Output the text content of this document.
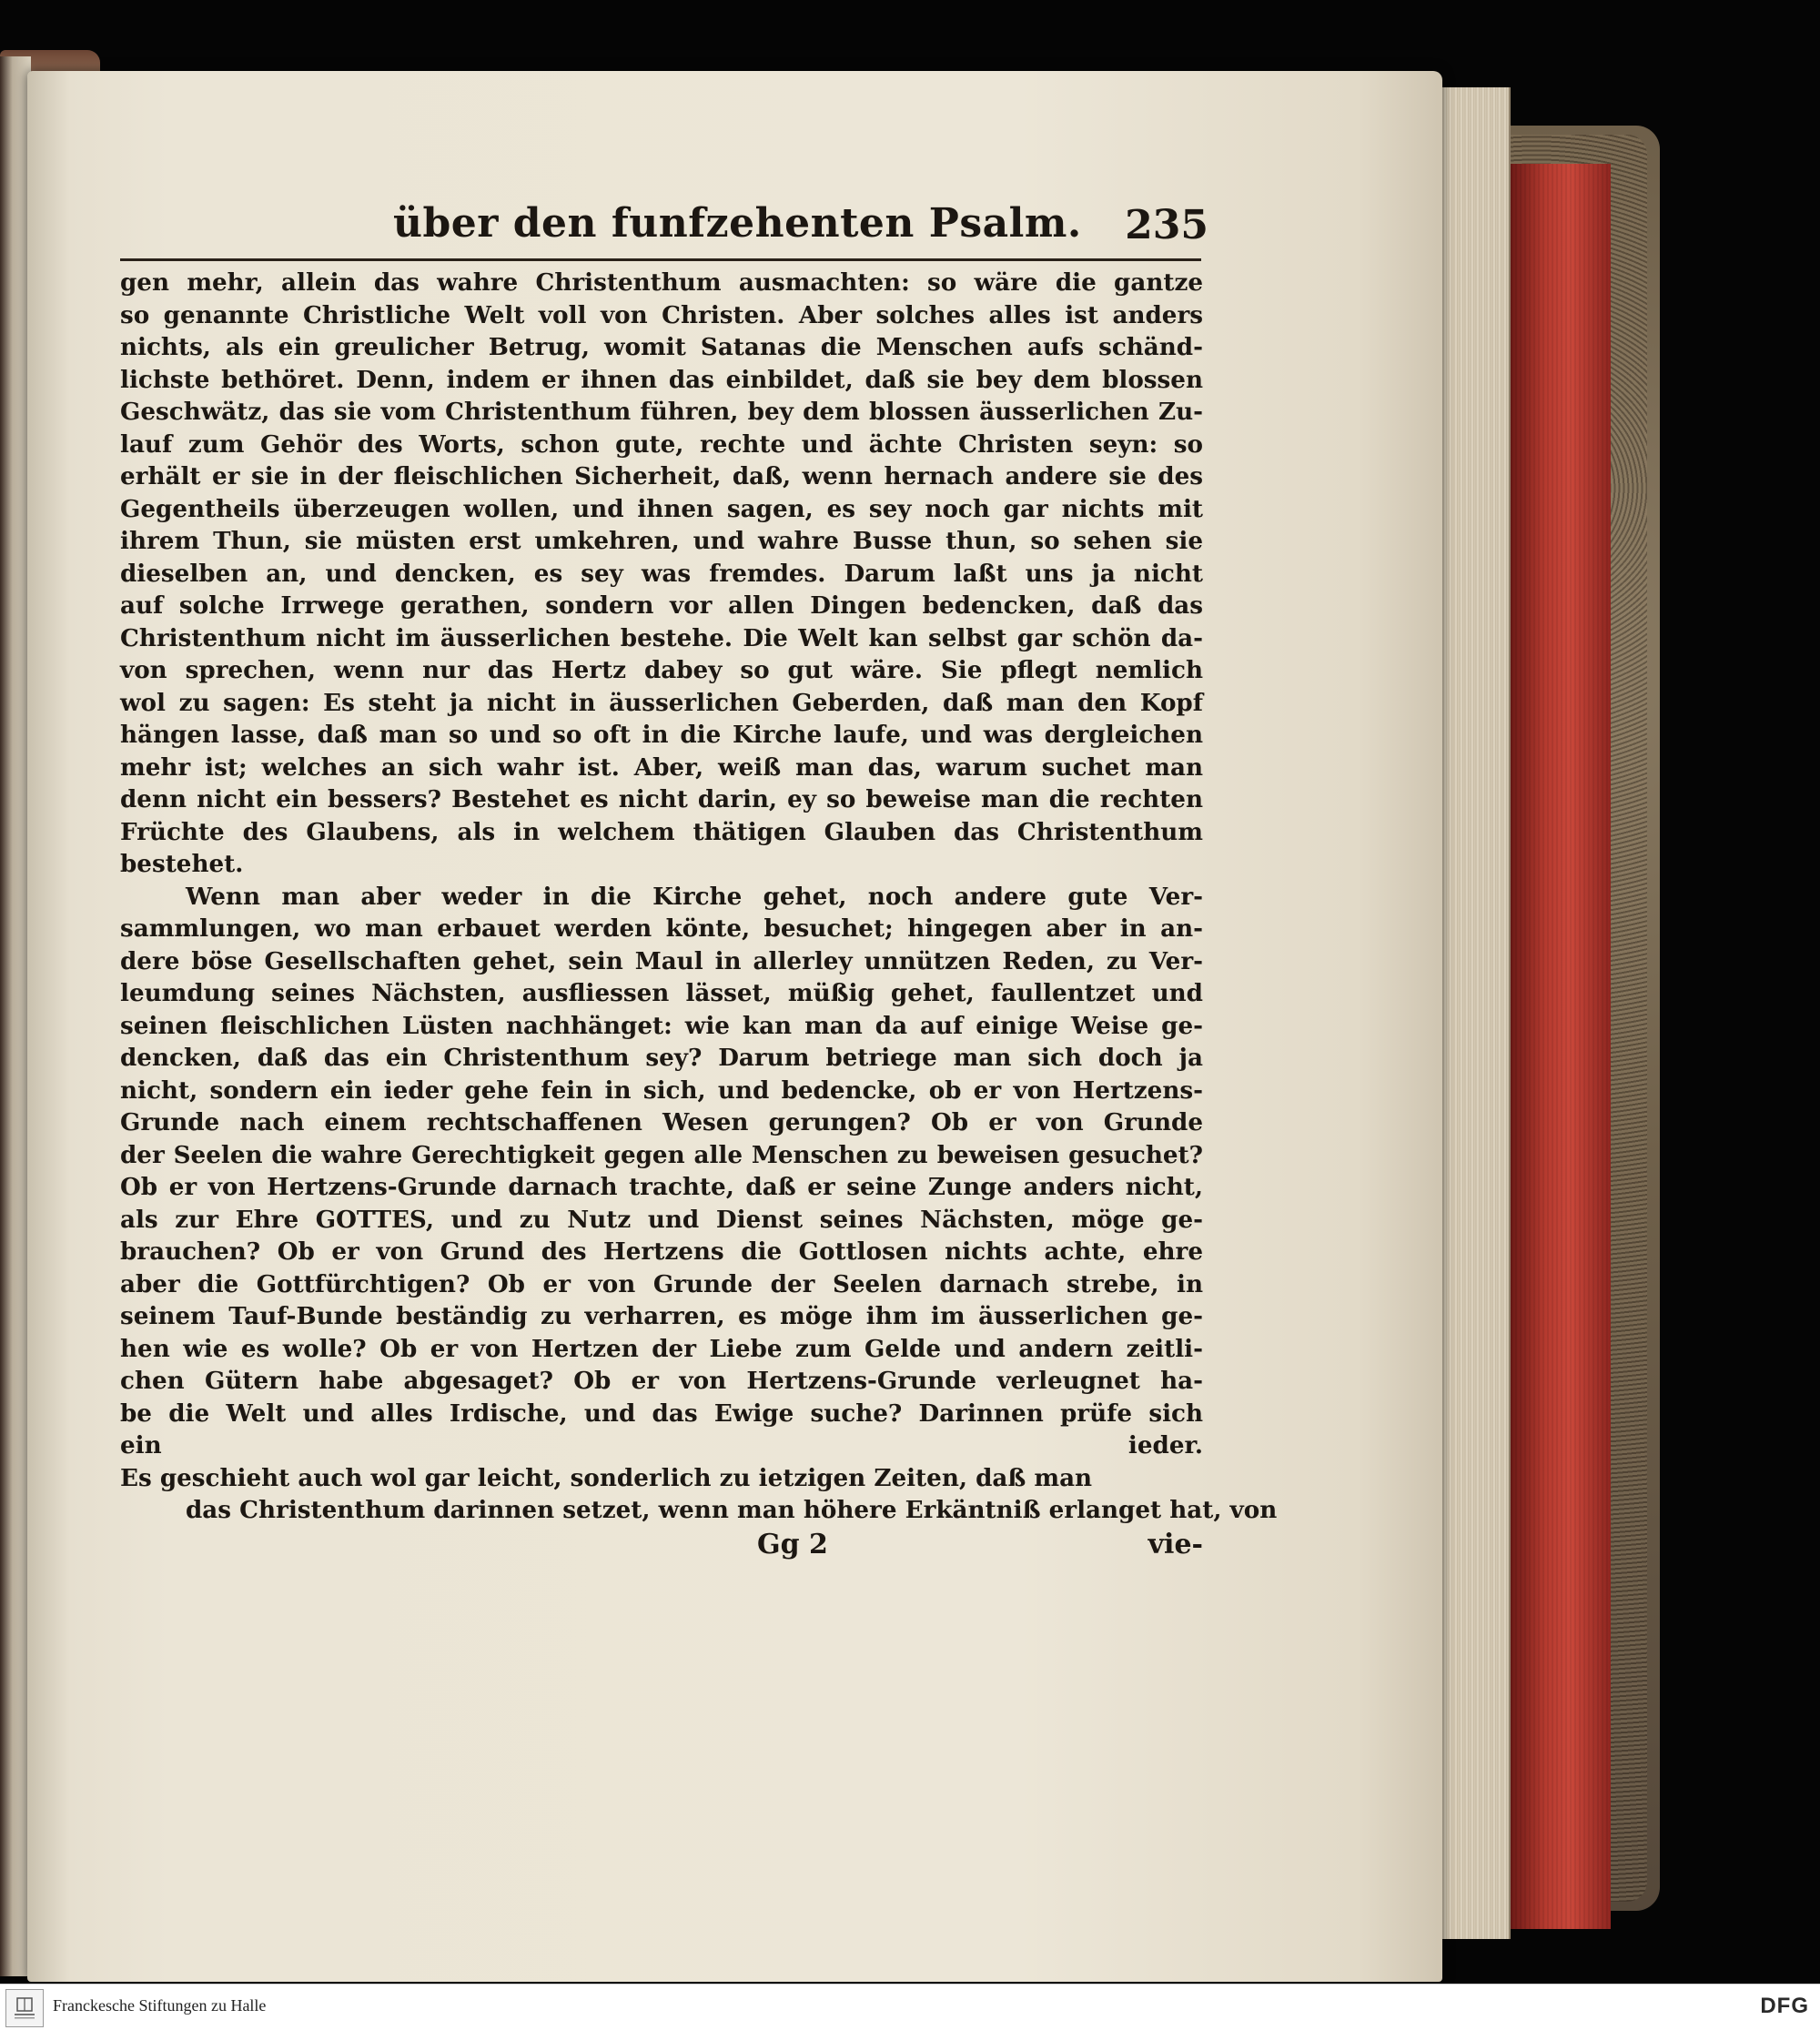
über den funfzehenten Psalm. 235
gen mehr, allein das wahre Christenthum ausmachten: so wäre die gantze
so genannte Christliche Welt voll von Christen. Aber solches alles ist anders
nichts, als ein greulicher Betrug, womit Satanas die Menschen aufs schänd-
lichste bethöret. Denn, indem er ihnen das einbildet, daß sie bey dem blossen
Geschwätz, das sie vom Christenthum führen, bey dem blossen äusserlichen Zu-
lauf zum Gehör des Worts, schon gute, rechte und ächte Christen seyn: so
erhält er sie in der fleischlichen Sicherheit, daß, wenn hernach andere sie des
Gegentheils überzeugen wollen, und ihnen sagen, es sey noch gar nichts mit
ihrem Thun, sie müsten erst umkehren, und wahre Busse thun, so sehen sie
dieselben an, und dencken, es sey was fremdes. Darum laßt uns ja nicht
auf solche Irrwege gerathen, sondern vor allen Dingen bedencken, daß das
Christenthum nicht im äusserlichen bestehe. Die Welt kan selbst gar schön da-
von sprechen, wenn nur das Hertz dabey so gut wäre. Sie pflegt nemlich
wol zu sagen: Es steht ja nicht in äusserlichen Geberden, daß man den Kopf
hängen lasse, daß man so und so oft in die Kirche laufe, und was dergleichen
mehr ist; welches an sich wahr ist. Aber, weiß man das, warum suchet man
denn nicht ein bessers? Bestehet es nicht darin, ey so beweise man die rechten
Früchte des Glaubens, als in welchem thätigen Glauben das Christenthum
bestehet.
Wenn man aber weder in die Kirche gehet, noch andere gute Ver-
sammlungen, wo man erbauet werden könte, besuchet; hingegen aber in an-
dere böse Gesellschaften gehet, sein Maul in allerley unnützen Reden, zu Ver-
leumdung seines Nächsten, ausfliessen lässet, müßig gehet, faullentzet und
seinen fleischlichen Lüsten nachhänget: wie kan man da auf einige Weise ge-
dencken, daß das ein Christenthum sey? Darum betriege man sich doch ja
nicht, sondern ein ieder gehe fein in sich, und bedencke, ob er von Hertzens-
Grunde nach einem rechtschaffenen Wesen gerungen? Ob er von Grunde
der Seelen die wahre Gerechtigkeit gegen alle Menschen zu beweisen gesuchet?
Ob er von Hertzens-Grunde darnach trachte, daß er seine Zunge anders nicht,
als zur Ehre GOTTES, und zu Nutz und Dienst seines Nächsten, möge ge-
brauchen? Ob er von Grund des Hertzens die Gottlosen nichts achte, ehre
aber die Gottfürchtigen? Ob er von Grunde der Seelen darnach strebe, in
seinem Tauf-Bunde beständig zu verharren, es möge ihm im äusserlichen ge-
hen wie es wolle? Ob er von Hertzen der Liebe zum Gelde und andern zeitli-
chen Gütern habe abgesaget? Ob er von Hertzens-Grunde verleugnet ha-
be die Welt und alles Irdische, und das Ewige suche? Darinnen prüfe sich
ein ieder.
Es geschieht auch wol gar leicht, sonderlich zu ietzigen Zeiten, daß man
das Christenthum darinnen setzet, wenn man höhere Erkäntniß erlanget hat, von
Gg 2	vie-
Franckesche Stiftungen zu Halle	DFG
